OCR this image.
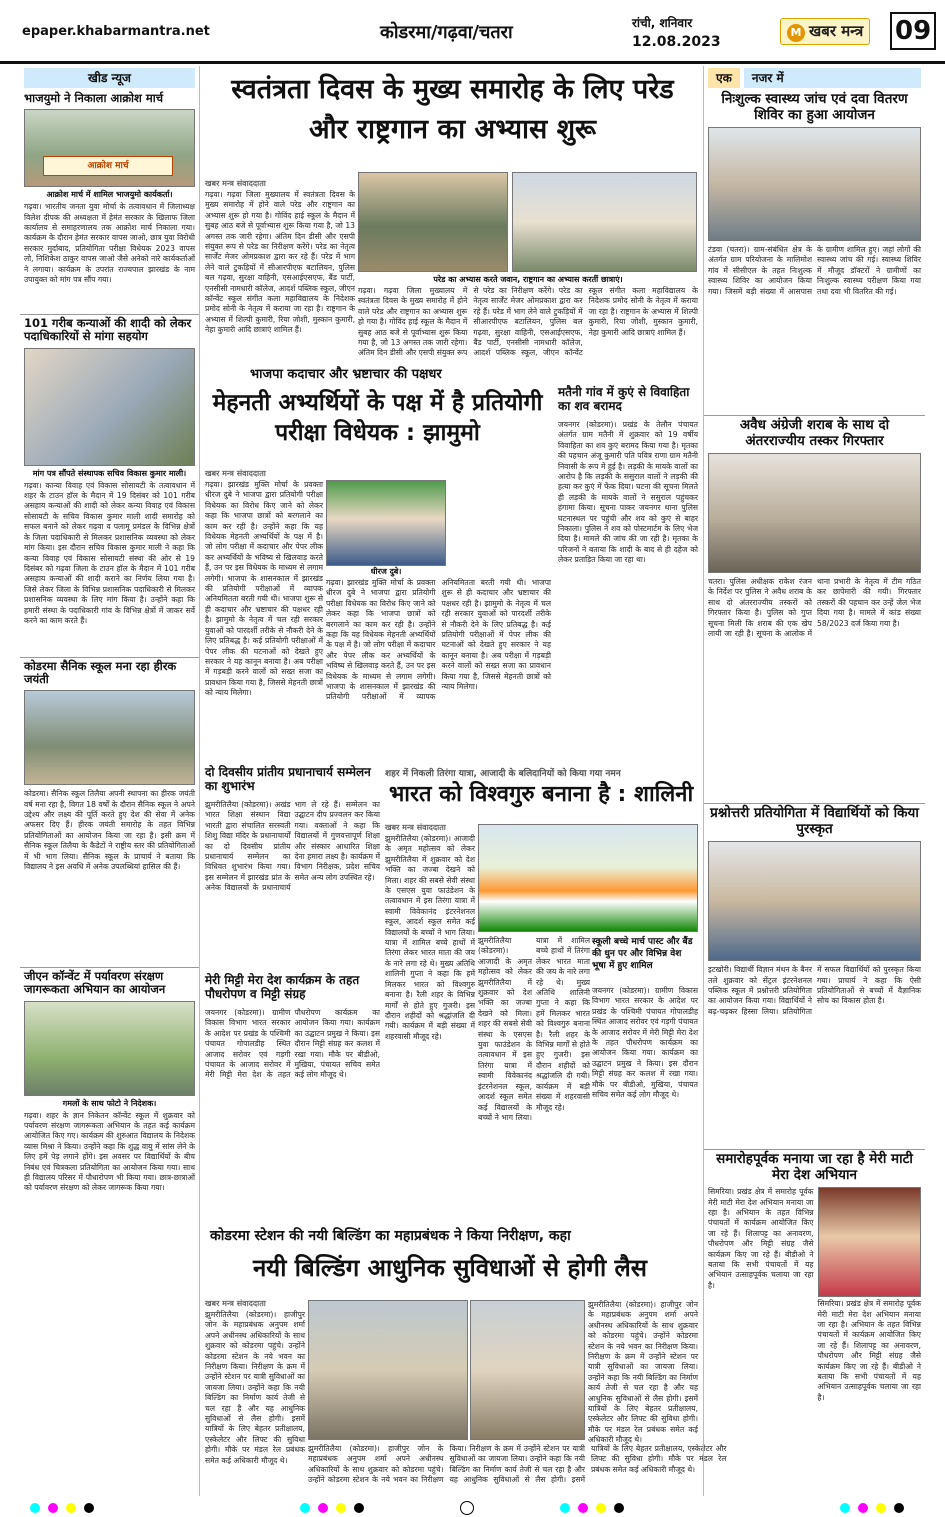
epaper.khabarmantra.net	कोडरमा/गढ़वा/चतरा	रांची, शनिवार
12.08.2023
M खबर मन्त्र 09
खीड न्यूज
भाजयुमो ने निकाला आक्रोश मार्च
आक्रोश मार्च
आक्रोश मार्च में शामिल भाजयुमो कार्यकर्ता।
गढ़वा। भारतीय जनता युवा मोर्चा के तत्वावधान में जिलाध्यक्ष विलेश दीपक की अध्यक्षता में हेमंत सरकार के खिलाफ जिला कार्यालय से समाहरणालय तक आक्रोश मार्च निकाला गया। कार्यक्रम के दौरान हेमंत सरकार वापस जाओ, छात्र युवा विरोधी सरकार मुर्दाबाद, प्रतियोगिता परीक्षा विधेयक 2023 वापस लो, निशिकेश ठाकुर वापस जाओ जैसे अनेको नारे कार्यकर्ताओं ने लगाया। कार्यक्रम के उपरांत राज्यपाल झारखंड के नाम उपायुक्त को मांग पत्र सौंप गया।
101 गरीब कन्याओं की शादी को लेकर पदाधिकारियों से मांगा सहयोग
मांग पत्र सौंपते संस्थापक सचिव विकास कुमार माली।
गढ़वा। कान्या विवाह एवं विकास सोसायटी के तत्वावधान में शहर के टाउन हॉल के मैदान में 19 दिसंबर को 101 गरीब असहाय कन्याओं की शादी को लेकर कन्या विवाह एवं विकास सोसायटी के सचिव विकास कुमार माली शादी समारोह को सफल बनाने को लेकर गढ़वा व पलामू प्रमंडल के विभिन्न क्षेत्रों के जिला पदाधिकारी से मिलकर प्रशासनिक व्यवस्था को लेकर मांग किया। इस दौरान सचिव विकास कुमार माली ने कहा कि कन्या विवाह एवं विकास सोसायटी संस्था की ओर से 19 दिसंबर को गढ़वा जिला के टाउन हॉल के मैदान में 101 गरीब असहाय कन्याओं की शादी कराने का निर्णय लिया गया है। जिसे लेकर जिला के विभिन्न प्रशासनिक पदाधिकारी से मिलकर प्रशासनिक व्यवस्था के लिए मांग किया है। उन्होंने कहा कि हमारी संस्था के पदाधिकारी गांव के विभिन्न क्षेत्रों में जाकर सर्वे करने का काम करते हैं।
कोडरमा सैनिक स्कूल मना रहा हीरक जयंती
कोडरमा। सैनिक स्कूल तिलैया अपनी स्थापना का हीरक जयंती वर्ष मना रहा है, विगत 18 वर्षों के दौरान सैनिक स्कूल ने अपने उद्देश्य और लक्ष्य की पूर्ति करते हुए देश की सेवा में अनेक अफसर दिए हैं। हीरक जयंती समारोह के तहत विभिन्न प्रतियोगिताओं का आयोजन किया जा रहा है। इसी क्रम में सैनिक स्कूल तिलैया के कैडेटों ने राष्ट्रीय स्तर की प्रतियोगिताओं में भी भाग लिया। सैनिक स्कूल के प्राचार्य ने बताया कि विद्यालय ने इस अवधि में अनेक उपलब्धियां हासिल की हैं।
जीएन कॉन्वेंट में पर्यावरण संरक्षण जागरूकता अभियान का आयोजन
गमलों के साथ फोटो ने निदेशक।
गढ़वा। शहर के ज्ञान निकेतन कॉन्वेंट स्कूल में शुक्रवार को पर्यावरण संरक्षण जागरूकता अभियान के तहत कई कार्यक्रम आयोजित किए गए। कार्यक्रम की शुरुआत विद्यालय के निदेशक व्यास मिश्रा ने किया। उन्होंने कहा कि शुद्ध वायु में सांस लेने के लिए हमें पेड़ लगाने होंगे। इस अवसर पर विद्यार्थियों के बीच निबंध एवं चित्रकला प्रतियोगिता का आयोजन किया गया। साथ ही विद्यालय परिसर में पौधारोपण भी किया गया। छात्र-छात्राओं को पर्यावरण संरक्षण को लेकर जागरूक किया गया।
स्वतंत्रता दिवस के मुख्य समारोह के लिए परेड और राष्ट्रगान का अभ्यास शुरू
खबर मन्त्र संवाददाता
गढ़वा। गढ़वा जिला मुख्यालय में स्वतंत्रता दिवस के मुख्य समारोह में होने वाले परेड और राष्ट्रगान का अभ्यास शुरू हो गया है। गोविंद हाई स्कूल के मैदान में सुबह आठ बजे से पूर्वाभ्यास शुरू किया गया है, जो 13 अगस्त तक जारी रहेगा। अंतिम दिन डीसी और एसपी संयुक्त रूप से परेड का निरीक्षण करेंगे। परेड का नेतृत्व सार्जेंट मेजर ओमप्रकाश द्वारा कर रहे हैं। परेड में भाग लेने वाले टुकड़ियों में सीआरपीएफ बटालियन, पुलिस बल गढ़वा, सुरक्षा वाहिनी, एसआईएसएफ, बैंड पार्टी, एनसीसी नामधारी कॉलेज, आदर्श पब्लिक स्कूल, जीएन कॉन्वेंट स्कूल संगीत कला महाविद्यालय के निदेशक प्रमोद सोनी के नेतृत्व में कराया जा रहा है। राष्ट्रगान के अभ्यास में शिल्पी कुमारी, रिया जोशी, मुस्कान कुमारी, नेहा कुमारी आदि छात्राएं शामिल हैं।
परेड का अभ्यास करते जवान, राष्ट्रगान का अभ्यास करतीं छात्राएं।
गढ़वा। गढ़वा जिला मुख्यालय में स्वतंत्रता दिवस के मुख्य समारोह में होने वाले परेड और राष्ट्रगान का अभ्यास शुरू हो गया है। गोविंद हाई स्कूल के मैदान में सुबह आठ बजे से पूर्वाभ्यास शुरू किया गया है, जो 13 अगस्त तक जारी रहेगा। अंतिम दिन डीसी और एसपी संयुक्त रूप से परेड का निरीक्षण करेंगे। परेड का नेतृत्व सार्जेंट मेजर ओमप्रकाश द्वारा कर रहे हैं। परेड में भाग लेने वाले टुकड़ियों में सीआरपीएफ बटालियन, पुलिस बल गढ़वा, सुरक्षा वाहिनी, एसआईएसएफ, बैंड पार्टी, एनसीसी नामधारी कॉलेज, आदर्श पब्लिक स्कूल, जीएन कॉन्वेंट स्कूल संगीत कला महाविद्यालय के निदेशक प्रमोद सोनी के नेतृत्व में कराया जा रहा है। राष्ट्रगान के अभ्यास में शिल्पी कुमारी, रिया जोशी, मुस्कान कुमारी, नेहा कुमारी आदि छात्राएं शामिल हैं।
भाजपा कदाचार और भ्रष्टाचार की पक्षधर
मेहनती अभ्यर्थियों के पक्ष में है प्रतियोगी परीक्षा विधेयक : झामुमो
खबर मन्त्र संवाददाता
गढ़वा। झारखंड मुक्ति मोर्चा के प्रवक्ता धीरज दुबे ने भाजपा द्वारा प्रतियोगी परीक्षा विधेयक का विरोध किए जाने को लेकर कहा कि भाजपा छात्रों को बरगलाने का काम कर रही है। उन्होंने कहा कि यह विधेयक मेहनती अभ्यर्थियों के पक्ष में है। जो लोग परीक्षा में कदाचार और पेपर लीक कर अभ्यर्थियों के भविष्य से खिलवाड़ करते हैं, उन पर इस विधेयक के माध्यम से लगाम लगेगी। भाजपा के शासनकाल में झारखंड की प्रतियोगी परीक्षाओं में व्यापक अनियमितता बरती गयी थी। भाजपा शुरू से ही कदाचार और भ्रष्टाचार की पक्षधर रही है। झामुमो के नेतृत्व में चल रही सरकार युवाओं को पारदर्शी तरीके से नौकरी देने के लिए प्रतिबद्ध है। कई प्रतियोगी परीक्षाओं में पेपर लीक की घटनाओं को देखते हुए सरकार ने यह कानून बनाया है। अब परीक्षा में गड़बड़ी करने वालों को सख्त सजा का प्रावधान किया गया है, जिससे मेहनती छात्रों को न्याय मिलेगा।
धीरज दुबे।
गढ़वा। झारखंड मुक्ति मोर्चा के प्रवक्ता धीरज दुबे ने भाजपा द्वारा प्रतियोगी परीक्षा विधेयक का विरोध किए जाने को लेकर कहा कि भाजपा छात्रों को बरगलाने का काम कर रही है। उन्होंने कहा कि यह विधेयक मेहनती अभ्यर्थियों के पक्ष में है। जो लोग परीक्षा में कदाचार और पेपर लीक कर अभ्यर्थियों के भविष्य से खिलवाड़ करते हैं, उन पर इस विधेयक के माध्यम से लगाम लगेगी। भाजपा के शासनकाल में झारखंड की प्रतियोगी परीक्षाओं में व्यापक अनियमितता बरती गयी थी। भाजपा शुरू से ही कदाचार और भ्रष्टाचार की पक्षधर रही है। झामुमो के नेतृत्व में चल रही सरकार युवाओं को पारदर्शी तरीके से नौकरी देने के लिए प्रतिबद्ध है। कई प्रतियोगी परीक्षाओं में पेपर लीक की घटनाओं को देखते हुए सरकार ने यह कानून बनाया है। अब परीक्षा में गड़बड़ी करने वालों को सख्त सजा का प्रावधान किया गया है, जिससे मेहनती छात्रों को न्याय मिलेगा।
मतैनी गांव में कुएं से विवाहिता का शव बरामद
जयनगर (कोडरमा)। प्रखंड के तेलौन पंचायत अंतर्गत ग्राम मतैनी में शुक्रवार को 19 वर्षीय विवाहिता का शव कुएं बरामद किया गया है। मृतका की पहचान अंजू कुमारी पति पवित्र राणा ग्राम मतैनी निवासी के रूप में हुई है। लड़की के मायके वालों का आरोप है कि लड़की के ससुराल वालों ने लड़की की हत्या कर कुएं में फेंक दिया। घटना की सूचना मिलते ही लड़की के मायके वालों ने ससुराल पहुंचकर हंगामा किया। सूचना पाकर जयनगर थाना पुलिस घटनास्थल पर पहुंची और शव को कुएं से बाहर निकाला। पुलिस ने शव को पोस्टमार्टम के लिए भेज दिया है। मामले की जांच की जा रही है। मृतका के परिजनों ने बताया कि शादी के बाद से ही दहेज को लेकर प्रताड़ित किया जा रहा था।
दो दिवसीय प्रांतीय प्रधानाचार्य सम्मेलन का शुभारंभ
झुमरीतिलैया (कोडरमा)। अखंड भारत शिक्षा संस्थान विद्या भारती द्वारा संचालित सरस्वती शिशु विद्या मंदिर के प्रधानाचार्यों का दो दिवसीय प्रांतीय प्रधानाचार्य सम्मेलन का विधिवत शुभारंभ किया गया। इस सम्मेलन में झारखंड प्रांत के अनेक विद्यालयों के प्रधानाचार्य भाग ले रहे हैं। सम्मेलन का उद्घाटन दीप प्रज्वलन कर किया गया। वक्ताओं ने कहा कि विद्यालयों में गुणवत्तापूर्ण शिक्षा और संस्कार आधारित शिक्षा देना हमारा लक्ष्य है। कार्यक्रम में विभाग निरीक्षक, प्रदेश सचिव समेत अन्य लोग उपस्थित रहे।
मेरी मिट्टी मेरा देश कार्यक्रम के तहत पौधरोपण व मिट्टी संग्रह
जयनगर (कोडरमा)। ग्रामीण विकास विभाग भारत सरकार के आदेश पर प्रखंड के पश्चिमी पंचायत गोपालडीह स्थित आजाद सरोवर एवं गड़गी पंचायत के आजाद सरोवर में मेरी मिट्टी मेरा देश के तहत पौधरोपण कार्यक्रम का आयोजन किया गया। कार्यक्रम का उद्घाटन प्रमुख ने किया। इस दौरान मिट्टी संग्रह कर कलश में रखा गया। मौके पर बीडीओ, मुखिया, पंचायत सचिव समेत कई लोग मौजूद थे।
शहर में निकली तिरंगा यात्रा, आजादी के बलिदानियों को किया गया नमन
भारत को विश्वगुरु बनाना है : शालिनी
खबर मन्त्र संवाददाता
झुमरीतिलैया (कोडरमा)। आजादी के अमृत महोत्सव को लेकर झुमरीतिलैया में शुक्रवार को देश भक्ति का जज्बा देखने को मिला। शहर की सबसे सेवी संस्था के एसएस युवा फाउंडेशन के तत्वावधान में इस तिरंगा यात्रा में स्वामी विवेकानंद इंटरनेशनल स्कूल, आदर्श स्कूल समेत कई विद्यालयों के बच्चों ने भाग लिया। यात्रा में शामिल बच्चे हाथों में तिरंगा लेकर भारत माता की जय के नारे लगा रहे थे। मुख्य अतिथि शालिनी गुप्ता ने कहा कि हमें मिलकर भारत को विश्वगुरु बनाना है। रैली शहर के विभिन्न मार्गों से होते हुए गुजरी। इस दौरान शहीदों को श्रद्धांजलि दी गयी। कार्यक्रम में बड़ी संख्या में शहरवासी मौजूद रहे।
झुमरीतिलैया (कोडरमा)। आजादी के अमृत महोत्सव को लेकर झुमरीतिलैया में शुक्रवार को देश भक्ति का जज्बा देखने को मिला। शहर की सबसे सेवी संस्था के एसएस युवा फाउंडेशन के तत्वावधान में इस तिरंगा यात्रा में स्वामी विवेकानंद इंटरनेशनल स्कूल, आदर्श स्कूल समेत कई विद्यालयों के बच्चों ने भाग लिया। यात्रा में शामिल बच्चे हाथों में तिरंगा लेकर भारत माता की जय के नारे लगा रहे थे। मुख्य अतिथि शालिनी गुप्ता ने कहा कि हमें मिलकर भारत को विश्वगुरु बनाना है। रैली शहर के विभिन्न मार्गों से होते हुए गुजरी। इस दौरान शहीदों को श्रद्धांजलि दी गयी। कार्यक्रम में बड़ी संख्या में शहरवासी मौजूद रहे।
स्कूली बच्चे मार्च पास्ट और बैंड की धुन पर और विभिन्न वेश भूषा में हुए शामिल
जयनगर (कोडरमा)। ग्रामीण विकास विभाग भारत सरकार के आदेश पर प्रखंड के पश्चिमी पंचायत गोपालडीह स्थित आजाद सरोवर एवं गड़गी पंचायत के आजाद सरोवर में मेरी मिट्टी मेरा देश के तहत पौधरोपण कार्यक्रम का आयोजन किया गया। कार्यक्रम का उद्घाटन प्रमुख ने किया। इस दौरान मिट्टी संग्रह कर कलश में रखा गया। मौके पर बीडीओ, मुखिया, पंचायत सचिव समेत कई लोग मौजूद थे।
कोडरमा स्टेशन की नयी बिल्डिंग का महाप्रबंधक ने किया निरीक्षण, कहा
नयी बिल्डिंग आधुनिक सुविधाओं से होगी लैस
खबर मन्त्र संवाददाता
झुमरीतिलैया (कोडरमा)। हाजीपुर जोन के महाप्रबंधक अनुपम शर्मा अपने अधीनस्थ अधिकारियों के साथ शुक्रवार को कोडरमा पहुंचे। उन्होंने कोडरमा स्टेशन के नये भवन का निरीक्षण किया। निरीक्षण के क्रम में उन्होंने स्टेशन पर यात्री सुविधाओं का जायजा लिया। उन्होंने कहा कि नयी बिल्डिंग का निर्माण कार्य तेजी से चल रहा है और यह आधुनिक सुविधाओं से लैस होगी। इसमें यात्रियों के लिए बेहतर प्रतीक्षालय, एस्केलेटर और लिफ्ट की सुविधा होगी। मौके पर मंडल रेल प्रबंधक समेत कई अधिकारी मौजूद थे।
झुमरीतिलैया (कोडरमा)। हाजीपुर जोन के महाप्रबंधक अनुपम शर्मा अपने अधीनस्थ अधिकारियों के साथ शुक्रवार को कोडरमा पहुंचे। उन्होंने कोडरमा स्टेशन के नये भवन का निरीक्षण किया। निरीक्षण के क्रम में उन्होंने स्टेशन पर यात्री सुविधाओं का जायजा लिया। उन्होंने कहा कि नयी बिल्डिंग का निर्माण कार्य तेजी से चल रहा है और यह आधुनिक सुविधाओं से लैस होगी। इसमें यात्रियों के लिए बेहतर प्रतीक्षालय, एस्केलेटर और लिफ्ट की सुविधा होगी। मौके पर मंडल रेल प्रबंधक समेत कई अधिकारी मौजूद थे।
झुमरीतिलैया (कोडरमा)। हाजीपुर जोन के महाप्रबंधक अनुपम शर्मा अपने अधीनस्थ अधिकारियों के साथ शुक्रवार को कोडरमा पहुंचे। उन्होंने कोडरमा स्टेशन के नये भवन का निरीक्षण किया। निरीक्षण के क्रम में उन्होंने स्टेशन पर यात्री सुविधाओं का जायजा लिया। उन्होंने कहा कि नयी बिल्डिंग का निर्माण कार्य तेजी से चल रहा है और यह आधुनिक सुविधाओं से लैस होगी। इसमें यात्रियों के लिए बेहतर प्रतीक्षालय, एस्केलेटर और लिफ्ट की सुविधा होगी। मौके पर मंडल रेल प्रबंधक समेत कई अधिकारी मौजूद थे।
एक	नजर में
निःशुल्क स्वास्थ्य जांच एवं दवा वितरण शिविर का हुआ आयोजन
टंडवा (चतरा)। ग्राम-संबंधित क्षेत्र के अंतर्गत ग्राम परियोजना के मालिमोश गांव में सीसीएल के तहत निःशुल्क स्वास्थ्य शिविर का आयोजन किया गया। जिसमें बड़ी संख्या में आसपास के ग्रामीण शामिल हुए। जहां लोगों की स्वास्थ्य जांच की गई। स्वास्थ्य शिविर में मौजूद डॉक्टरों ने ग्रामीणों का निःशुल्क स्वास्थ्य परीक्षण किया गया तथा दवा भी वितरित की गई।
अवैध अंग्रेजी शराब के साथ दो अंतरराज्यीय तस्कर गिरफ्तार
चतरा। पुलिस अधीक्षक राकेश रंजन के निर्देश पर पुलिस ने अवैध शराब के साथ दो अंतरराज्यीय तस्करों को गिरफ्तार किया है। पुलिस को गुप्त सूचना मिली कि शराब की एक खेप लायी जा रही है। सूचना के आलोक में थाना प्रभारी के नेतृत्व में टीम गठित कर छापेमारी की गयी। गिरफ्तार तस्करों की पहचान कर उन्हें जेल भेज दिया गया है। मामले में कांड संख्या 58/2023 दर्ज किया गया है।
प्रश्नोत्तरी प्रतियोगिता में विद्यार्थियों को किया पुरस्कृत
इटखोरी। विद्यार्थी विज्ञान मंथन के बैनर तले शुक्रवार को सेंट्रल इंटरनेशनल पब्लिक स्कूल में प्रश्नोत्तरी प्रतियोगिता का आयोजन किया गया। विद्यार्थियों ने बढ़-चढ़कर हिस्सा लिया। प्रतियोगिता में सफल विद्यार्थियों को पुरस्कृत किया गया। प्राचार्य ने कहा कि ऐसी प्रतियोगिताओं से बच्चों में वैज्ञानिक सोच का विकास होता है।
समारोहपूर्वक मनाया जा रहा है मेरी माटी मेरा देश अभियान
सिमरिया। प्रखंड क्षेत्र में समारोह पूर्वक मेरी माटी मेरा देश अभियान मनाया जा रहा है। अभियान के तहत विभिन्न पंचायतों में कार्यक्रम आयोजित किए जा रहे हैं। शिलापट्ट का अनावरण, पौधरोपण और मिट्टी संग्रह जैसे कार्यक्रम किए जा रहे हैं। बीडीओ ने बताया कि सभी पंचायतों में यह अभियान उत्साहपूर्वक चलाया जा रहा है।
सिमरिया। प्रखंड क्षेत्र में समारोह पूर्वक मेरी माटी मेरा देश अभियान मनाया जा रहा है। अभियान के तहत विभिन्न पंचायतों में कार्यक्रम आयोजित किए जा रहे हैं। शिलापट्ट का अनावरण, पौधरोपण और मिट्टी संग्रह जैसे कार्यक्रम किए जा रहे हैं। बीडीओ ने बताया कि सभी पंचायतों में यह अभियान उत्साहपूर्वक चलाया जा रहा है।
